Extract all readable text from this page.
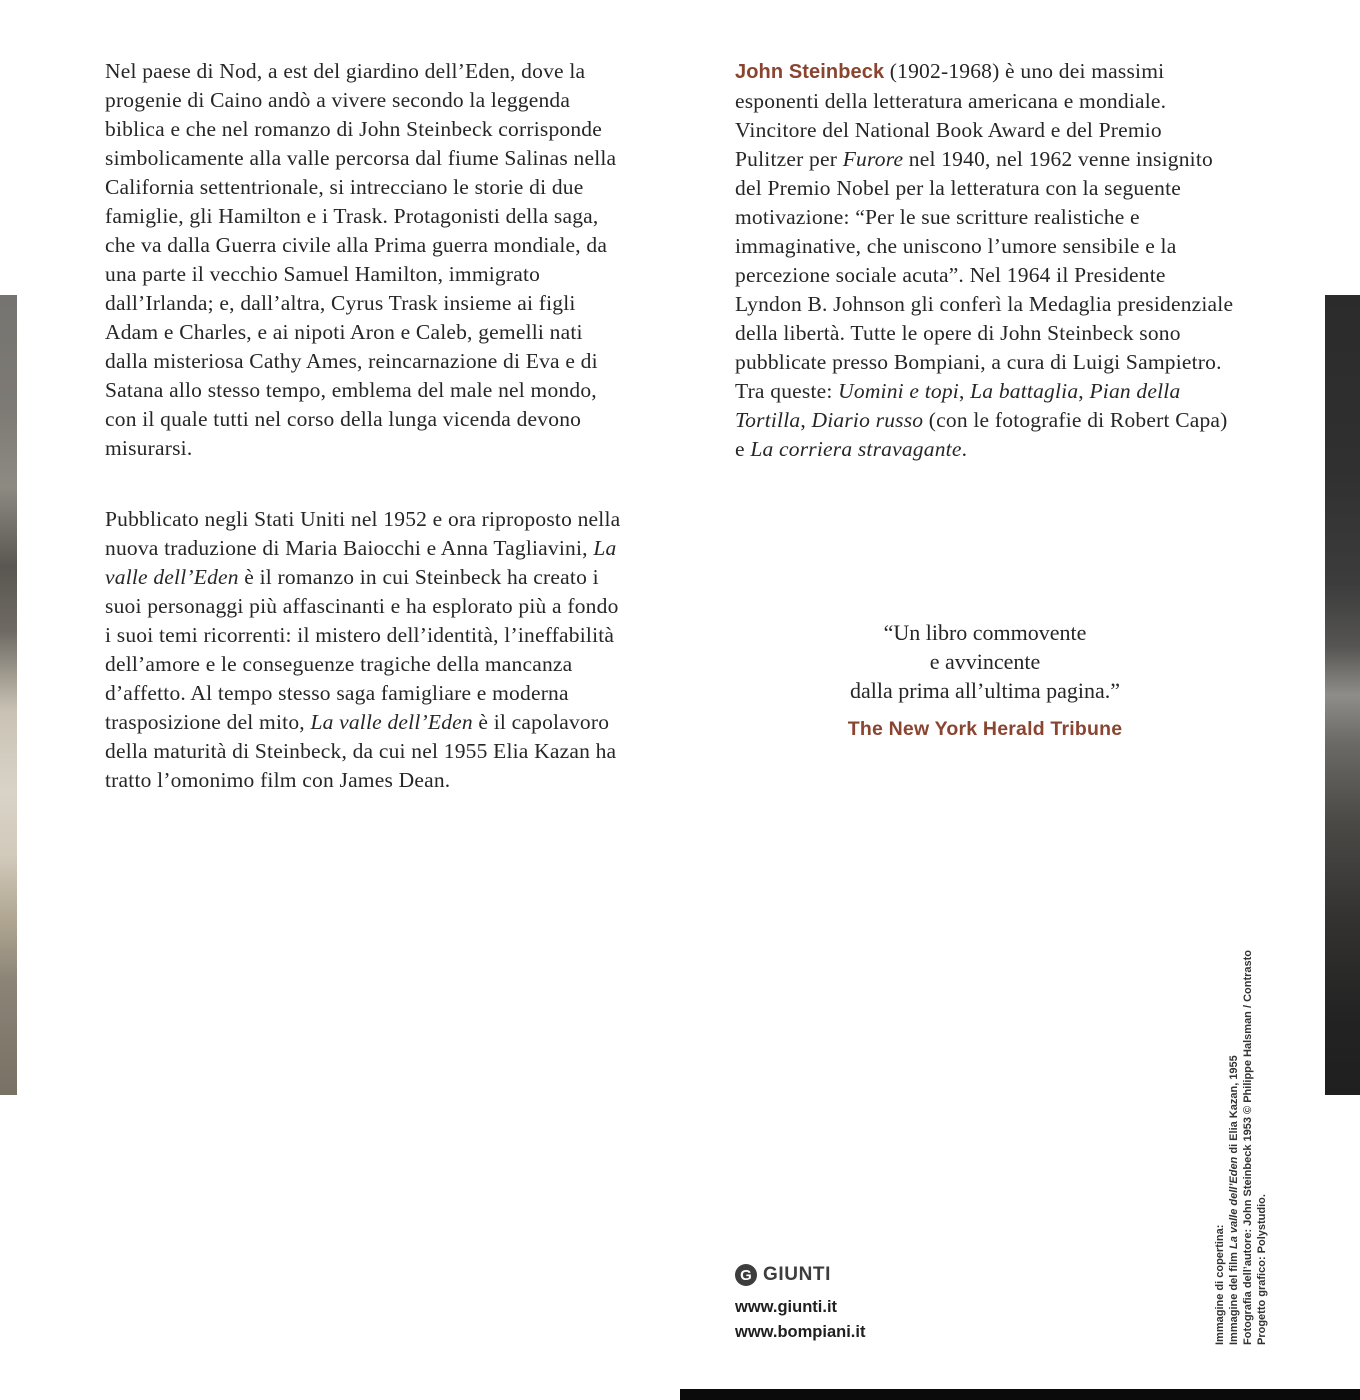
Nel paese di Nod, a est del giardino dell’Eden, dove la progenie di Caino andò a vivere secondo la leggenda biblica e che nel romanzo di John Steinbeck corrisponde simbolicamente alla valle percorsa dal fiume Salinas nella California settentrionale, si intrecciano le storie di due famiglie, gli Hamilton e i Trask. Protagonisti della saga, che va dalla Guerra civile alla Prima guerra mondiale, da una parte il vecchio Samuel Hamilton, immigrato dall’Irlanda; e, dall’altra, Cyrus Trask insieme ai figli Adam e Charles, e ai nipoti Aron e Caleb, gemelli nati dalla misteriosa Cathy Ames, reincarnazione di Eva e di Satana allo stesso tempo, emblema del male nel mondo, con il quale tutti nel corso della lunga vicenda devono misurarsi.

Pubblicato negli Stati Uniti nel 1952 e ora riproposto nella nuova traduzione di Maria Baiocchi e Anna Tagliavini, La valle dell’Eden è il romanzo in cui Steinbeck ha creato i suoi personaggi più affascinanti e ha esplorato più a fondo i suoi temi ricorrenti: il mistero dell’identità, l’ineffabilità dell’amore e le conseguenze tragiche della mancanza d’affetto. Al tempo stesso saga famigliare e moderna trasposizione del mito, La valle dell’Eden è il capolavoro della maturità di Steinbeck, da cui nel 1955 Elia Kazan ha tratto l’omonimo film con James Dean.

John Steinbeck (1902-1968) è uno dei massimi esponenti della letteratura americana e mondiale. Vincitore del National Book Award e del Premio Pulitzer per Furore nel 1940, nel 1962 venne insignito del Premio Nobel per la letteratura con la seguente motivazione: “Per le sue scritture realistiche e immaginative, che uniscono l’umore sensibile e la percezione sociale acuta”. Nel 1964 il Presidente Lyndon B. Johnson gli conferì la Medaglia presidenziale della libertà. Tutte le opere di John Steinbeck sono pubblicate presso Bompiani, a cura di Luigi Sampietro. Tra queste: Uomini e topi, La battaglia, Pian della Tortilla, Diario russo (con le fotografie di Robert Capa) e La corriera stravagante.

“Un libro commovente
e avvincente
dalla prima all’ultima pagina.”
The New York Herald Tribune
G GIUNTI
www.giunti.it
www.bompiani.it	Immagine di copertina: Immagine del film La valle dell’Eden di Elia Kazan, 1955 Fotografia dell’autore: John Steinbeck 1953 © Philippe Halsman / Contrasto Progetto grafico: Polystudio.
